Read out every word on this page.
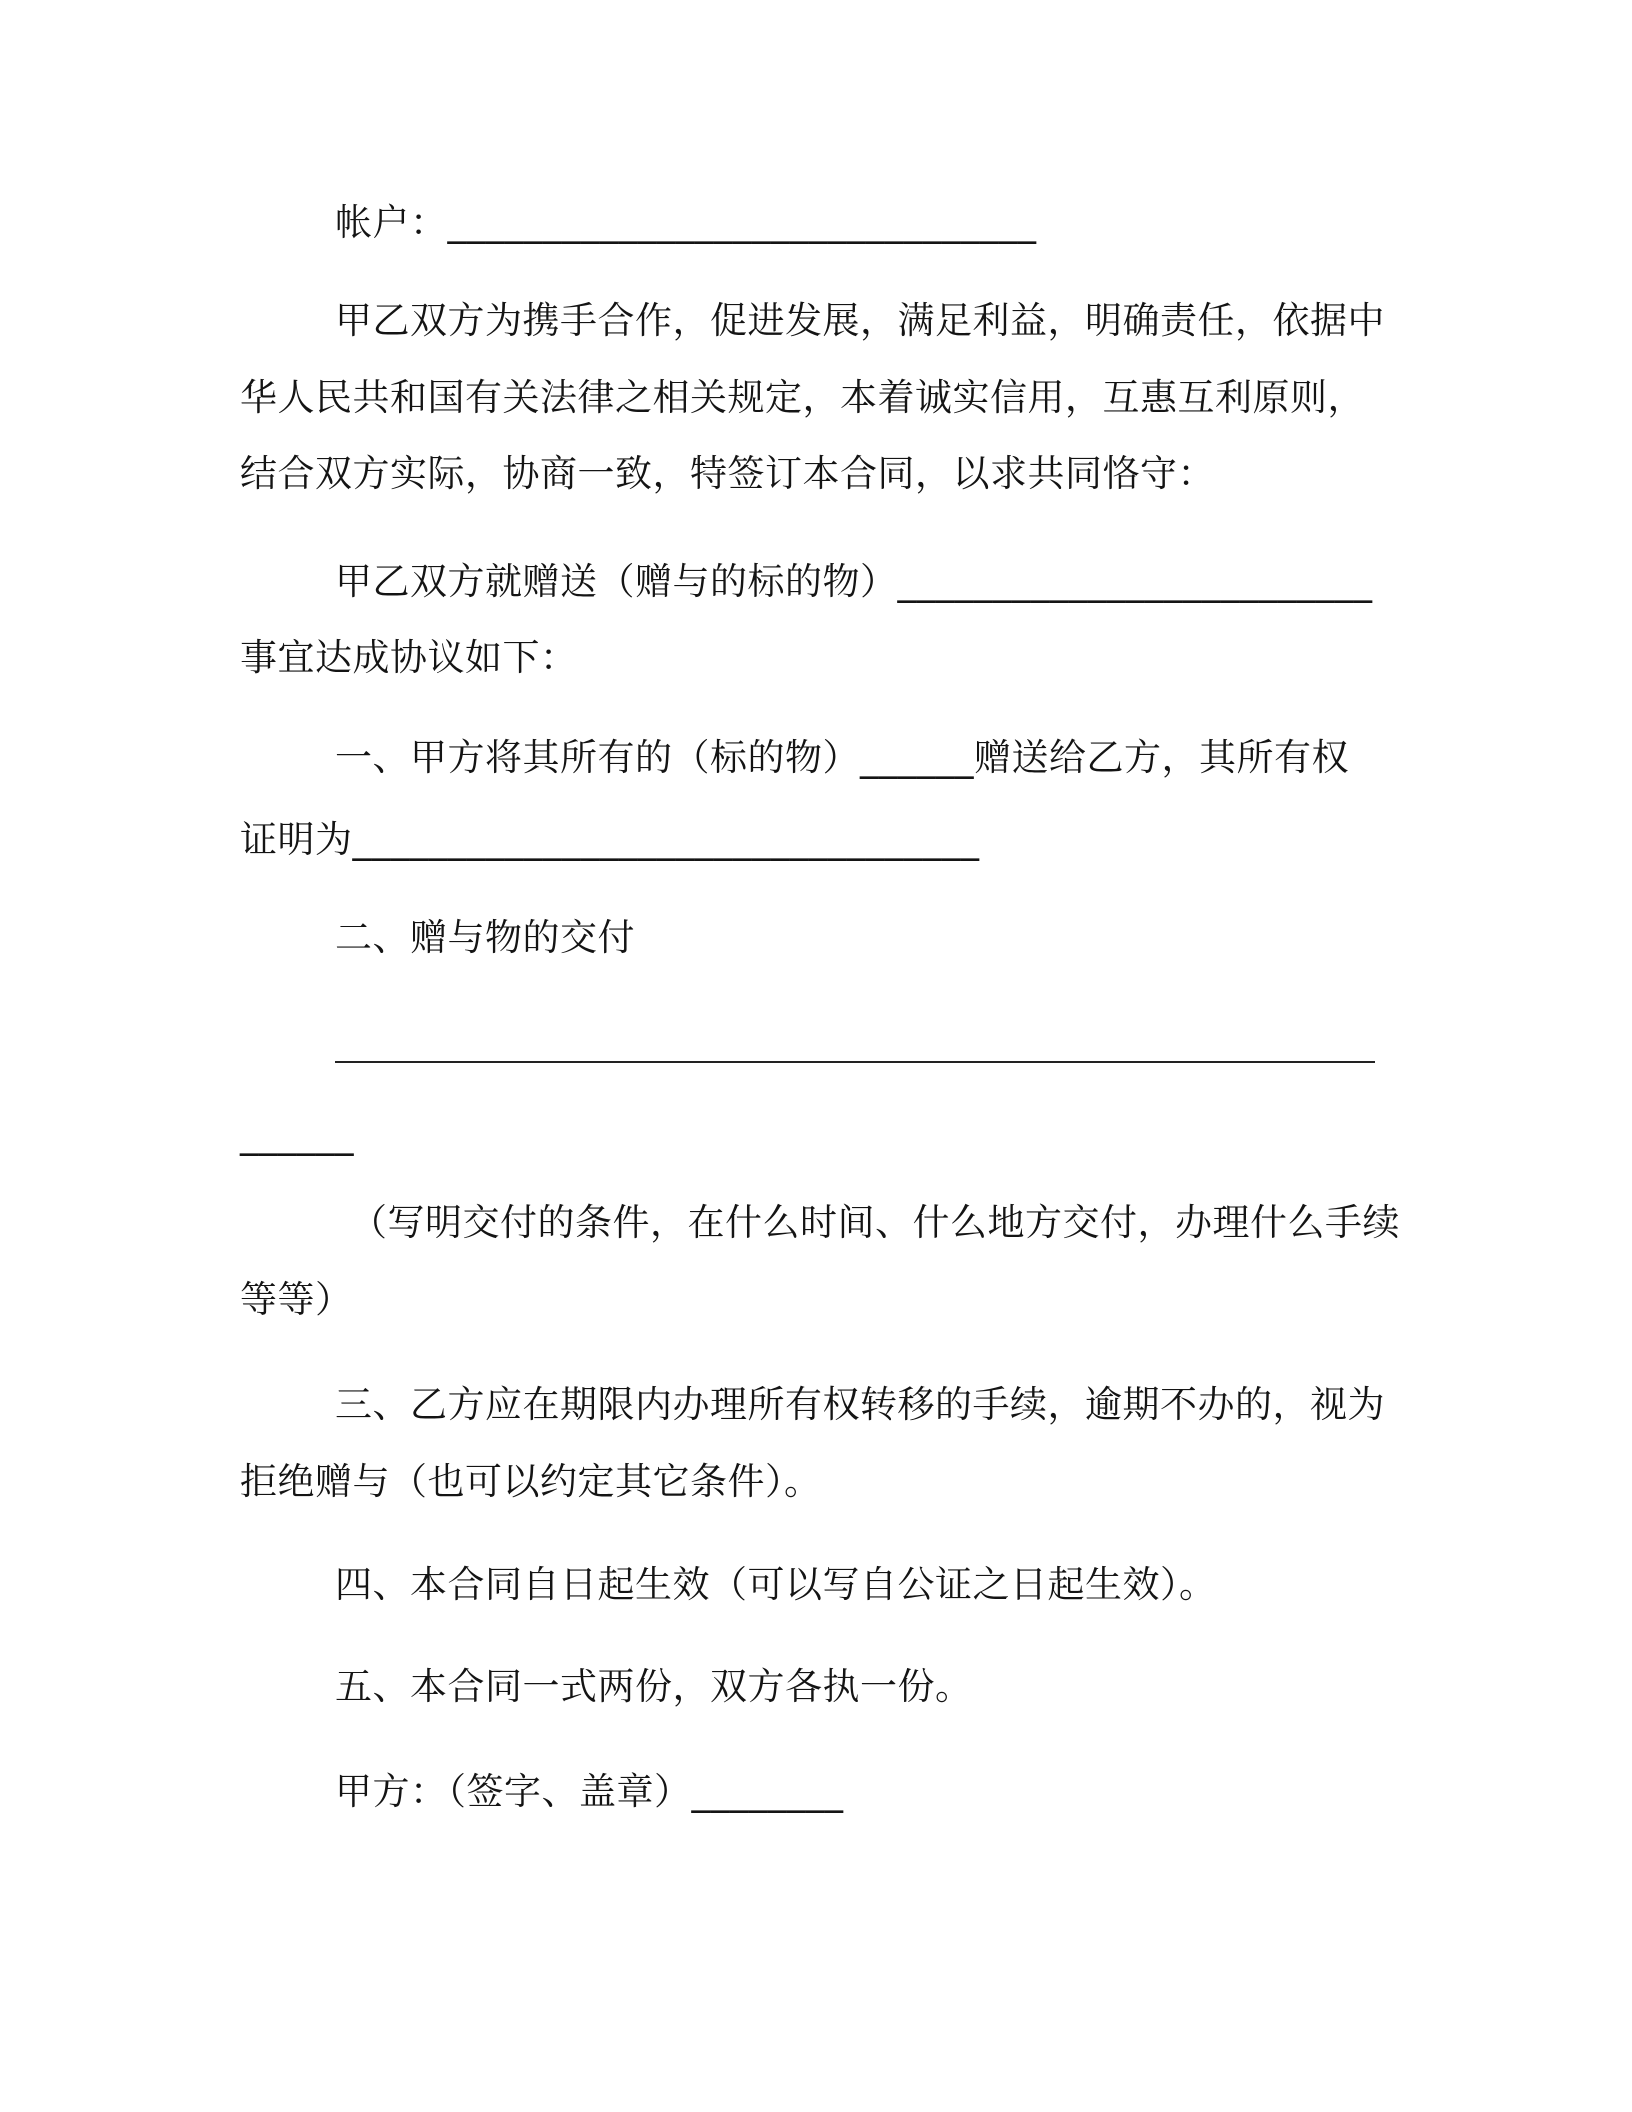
帐户：_______________________________
甲乙双方为携手合作，促进发展，满足利益，明确责任，依据中
华人民共和国有关法律之相关规定，本着诚实信用，互惠互利原则，
结合双方实际，协商一致，特签订本合同，以求共同恪守：
甲乙双方就赠送（赠与的标的物）_________________________
事宜达成协议如下：
一、甲方将其所有的（标的物）______赠送给乙方，其所有权
证明为_________________________________
二、赠与物的交付
______
（写明交付的条件，在什么时间、什么地方交付，办理什么手续
等等）
三、乙方应在期限内办理所有权转移的手续，逾期不办的，视为
拒绝赠与（也可以约定其它条件）。
四、本合同自日起生效（可以写自公证之日起生效）。
五、本合同一式两份，双方各执一份。
甲方：（签字、盖章）________
